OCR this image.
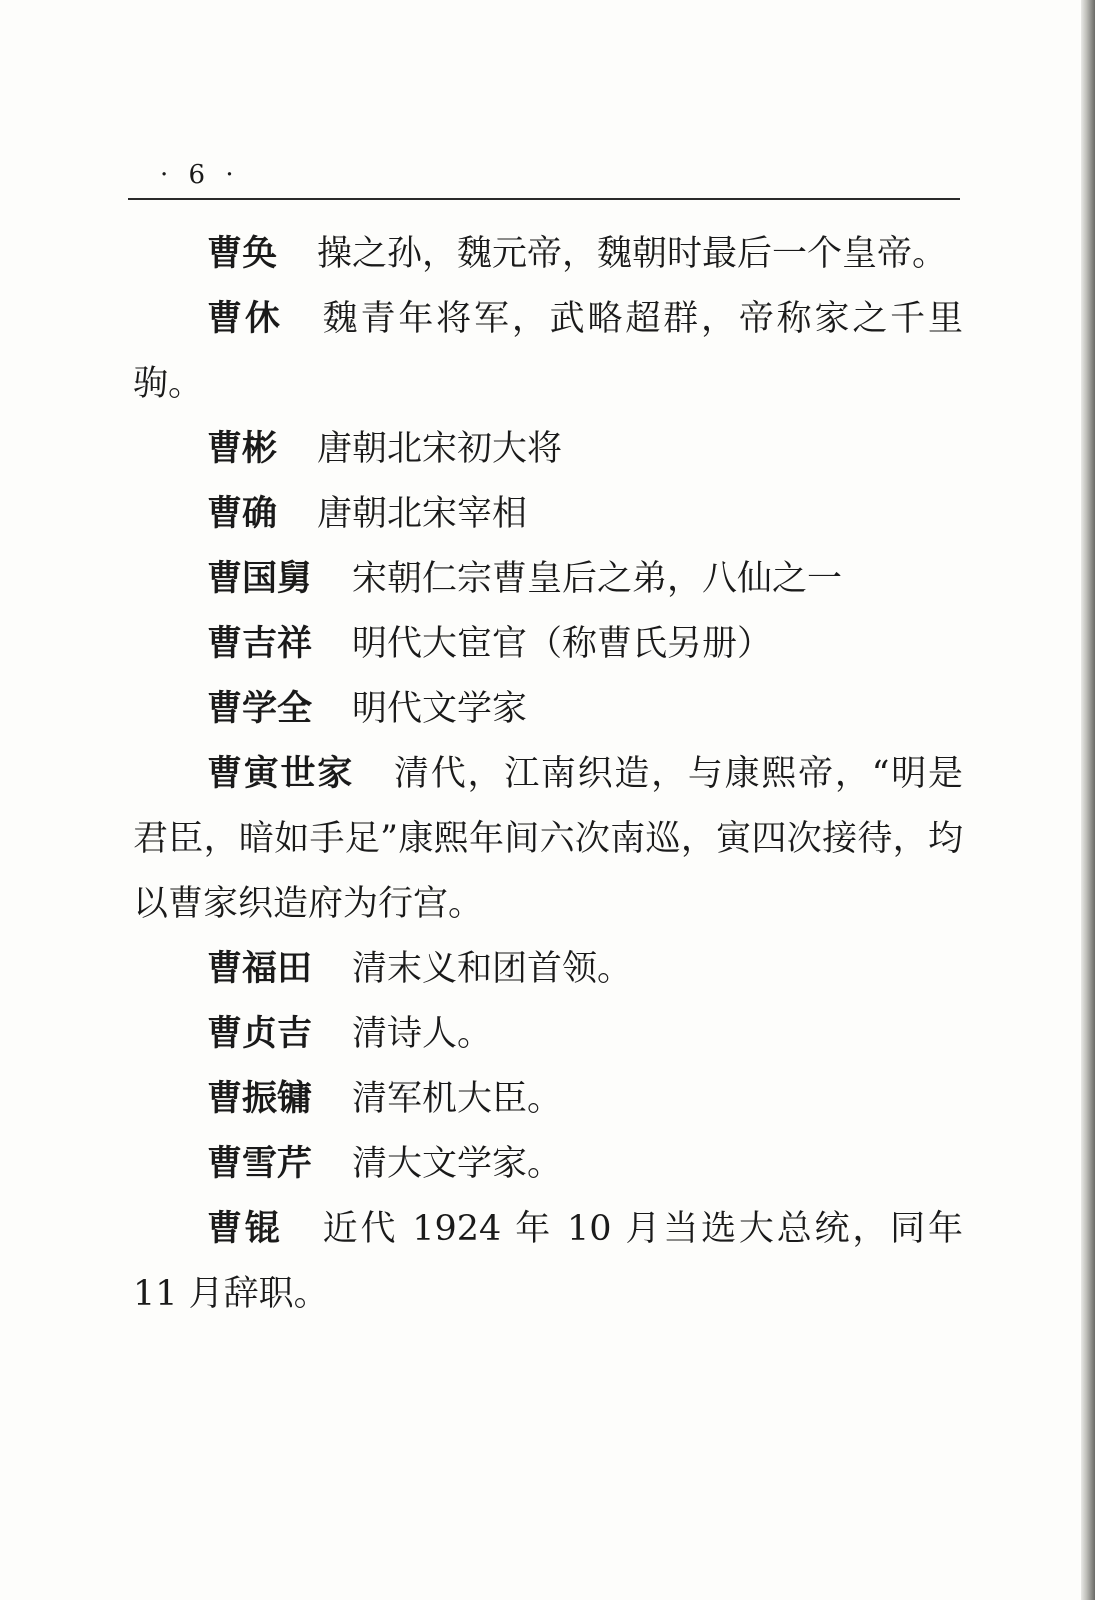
· 6 ·

曹奂 操之孙，魏元帝，魏朝时最后一个皇帝。

曹休 魏青年将军，武略超群，帝称家之千里驹。

曹彬 唐朝北宋初大将

曹确 唐朝北宋宰相

曹国舅 宋朝仁宗曹皇后之弟，八仙之一

曹吉祥 明代大宦官（称曹氏另册）

曹学全 明代文学家

曹寅世家 清代，江南织造，与康熙帝，“明是君臣，暗如手足”康熙年间六次南巡，寅四次接待，均以曹家织造府为行宫。

曹福田 清末义和团首领。

曹贞吉 清诗人。

曹振镛 清军机大臣。

曹雪芹 清大文学家。

曹锟 近代 1924 年 10 月当选大总统，同年 11 月辞职。
